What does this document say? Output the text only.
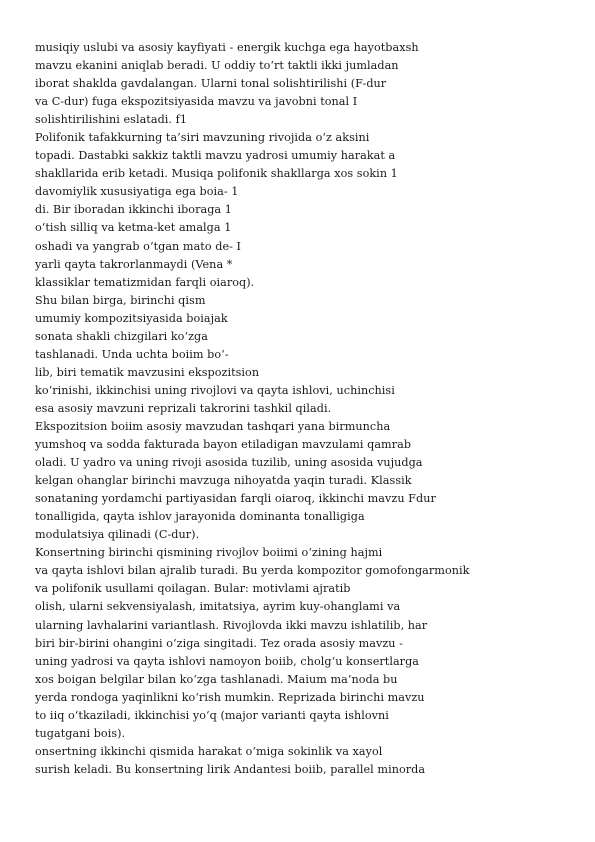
musiqiy uslubi va asosiy kayfiyati - energik kuchga ega hayotbaxsh
mavzu ekanini aniqlab beradi. U oddiy to‘rt taktli ikki jumladan
iborat shaklda gavdalangan. Ularni tonal solishtirilishi (F-dur
va C-dur) fuga ekspozitsiyasida mavzu va javobni tonal I
solishtirilishini eslatadi. f1
Polifonik tafakkurning ta’siri mavzuning rivojida o‘z aksini
topadi. Dastabki sakkiz taktli mavzu yadrosi umumiy harakat a
shakllarida erib ketadi. Musiqa polifonik shakllarga xos sokin 1
davomiylik xususiyatiga ega boia- 1
di. Bir iboradan ikkinchi iboraga 1
o‘tish silliq va ketma-ket amalga 1
oshadi va yangrab o‘tgan mato de- I
yarli qayta takrorlanmaydi (Vena *
klassiklar tematizmidan farqli oiaroq).
Shu bilan birga, birinchi qism
umumiy kompozitsiyasida boiajak
sonata shakli chizgilari ko‘zga
tashlanadi. Unda uchta boiim bo‘-
lib, biri tematik mavzusini ekspozitsion
ko‘rinishi, ikkinchisi uning rivojlovi va qayta ishlovi, uchinchisi
esa asosiy mavzuni reprizali takrorini tashkil qiladi.
Ekspozitsion boiim asosiy mavzudan tashqari yana birmuncha
yumshoq va sodda fakturada bayon etiladigan mavzulami qamrab
oladi. U yadro va uning rivoji asosida tuzilib, uning asosida vujudga
kelgan ohanglar birinchi mavzuga nihoyatda yaqin turadi. Klassik
sonataning yordamchi partiyasidan farqli oiaroq, ikkinchi mavzu Fdur
tonalligida, qayta ishlov jarayonida dominanta tonalligiga
modulatsiya qilinadi (C-dur).
Konsertning birinchi qismining rivojlov boiimi o‘zining hajmi
va qayta ishlovi bilan ajralib turadi. Bu yerda kompozitor gomofongarmonik
va polifonik usullami qoilagan. Bular: motivlami ajratib
olish, ularni sekvensiyalash, imitatsiya, ayrim kuy-ohanglami va
ularning lavhalarini variantlash. Rivojlovda ikki mavzu ishlatilib, har
biri bir-birini ohangini o‘ziga singitadi. Tez orada asosiy mavzu -
uning yadrosi va qayta ishlovi namoyon boiib, cholg‘u konsertlarga
xos boigan belgilar bilan ko‘zga tashlanadi. Maium ma’noda bu
yerda rondoga yaqinlikni ko‘rish mumkin. Reprizada birinchi mavzu
to iiq o‘tkaziladi, ikkinchisi yo‘q (major varianti qayta ishlovni
tugatgani bois).
onsertning ikkinchi qismida harakat o‘miga sokinlik va xayol
surish keladi. Bu konsertning lirik Andantesi boiib, parallel minorda
